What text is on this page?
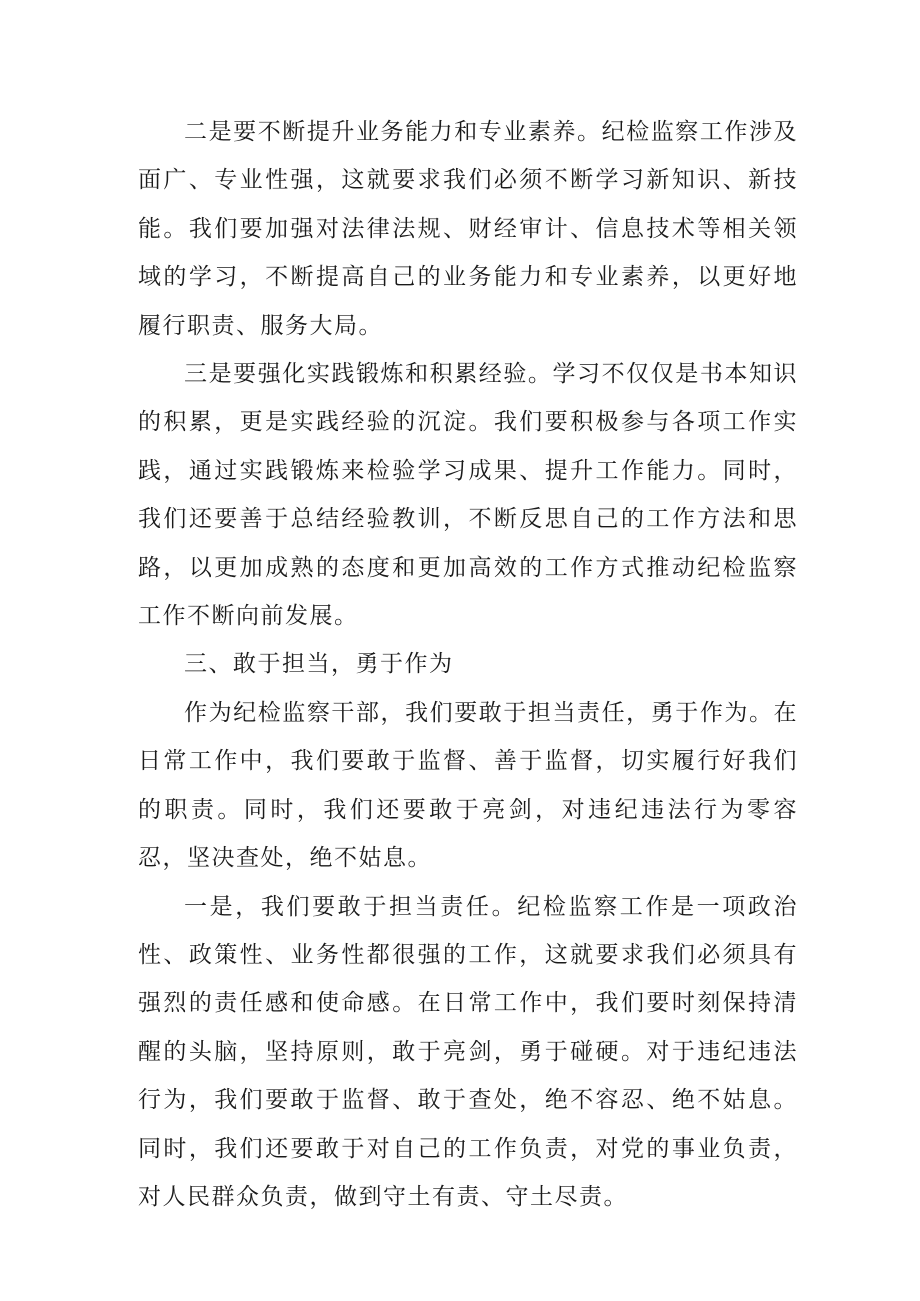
二是要不断提升业务能力和专业素养。纪检监察工作涉及面广、专业性强，这就要求我们必须不断学习新知识、新技能。我们要加强对法律法规、财经审计、信息技术等相关领域的学习，不断提高自己的业务能力和专业素养，以更好地履行职责、服务大局。

三是要强化实践锻炼和积累经验。学习不仅仅是书本知识的积累，更是实践经验的沉淀。我们要积极参与各项工作实践，通过实践锻炼来检验学习成果、提升工作能力。同时，我们还要善于总结经验教训，不断反思自己的工作方法和思路，以更加成熟的态度和更加高效的工作方式推动纪检监察工作不断向前发展。

三、敢于担当，勇于作为

作为纪检监察干部，我们要敢于担当责任，勇于作为。在日常工作中，我们要敢于监督、善于监督，切实履行好我们的职责。同时，我们还要敢于亮剑，对违纪违法行为零容忍，坚决查处，绝不姑息。

一是，我们要敢于担当责任。纪检监察工作是一项政治性、政策性、业务性都很强的工作，这就要求我们必须具有强烈的责任感和使命感。在日常工作中，我们要时刻保持清醒的头脑，坚持原则，敢于亮剑，勇于碰硬。对于违纪违法行为，我们要敢于监督、敢于查处，绝不容忍、绝不姑息。同时，我们还要敢于对自己的工作负责，对党的事业负责，对人民群众负责，做到守土有责、守土尽责。
